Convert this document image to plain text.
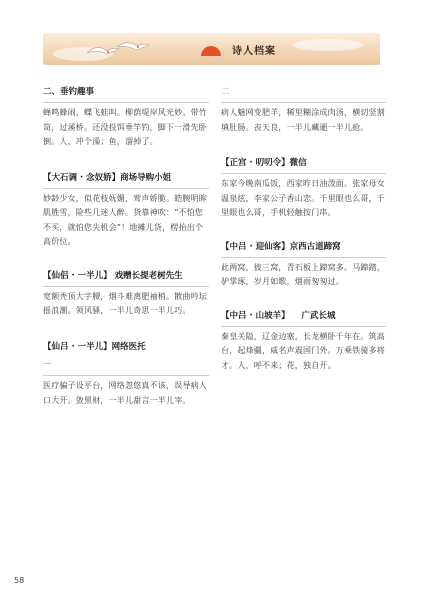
诗人档案

二、垂钓趣事

蝉鸣蜂闹，蝶飞蛙叫。柳荫堤岸风光妙。带竹笥，过溪桥。还没投饵垂竿钓，脚下一滑先卧倒。人，冲个澡；鱼，溜掉了。

【大石调 · 念奴娇】商场导购小姐

妙龄少女，似花枝妩媚，莺声娇脆。皓腕明眸肌胜雪，险些几迷人醉。货靠神吹：“不怕您不买，就怕您失机会”！地摊儿货，楞抬出个高价位。

【仙侣 · 一半儿】 戏赠长提老树先生

宽额秃顶大字腰，烟斗难离肥袖梢。散曲吟坛摇浪潮。领风骚，一半儿奇思一半儿巧。

【仙吕 · 一半儿】网络医托

一

医疗骗子设平台，网络忽悠真不该，误导病人口大开。敛黑财，一半儿甜言一半儿宰。

二

病人魅网变肥羊，稀里糊涂成肉汤，横切竖割填肚肠。丧天良，一半儿藏逦一半儿抢。

【正宫 · 叨叨令】微信

东家今晚南瓜饭，西家昨日油泼面。张家母女温泉炫，李家公子香山恋。千里眼也么哥，千里眼也么哥，手机轻触按门串。

【中吕 · 迎仙客】京西古道蹄窝

此两窝，彼三窝，青石板上蹄窝多。马蹄踏，驴掌琢，岁月如歌，烟雨匆匆过。

【中吕 · 山坡羊】    广武长城

秦皇关隘，辽金边塞，长龙横卧千年在。筑高台，起烽疆，威名声震国门外。万乘铁骑多将才。人，呼不来；花，独自开。

58
